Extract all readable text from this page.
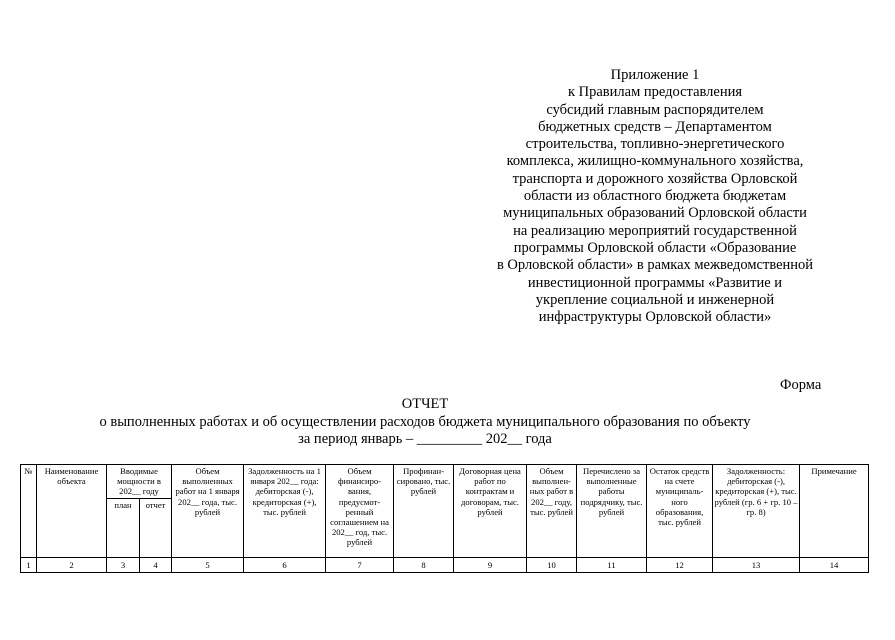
Приложение 1
к Правилам предоставления
субсидий главным распорядителем
бюджетных средств – Департаментом
строительства, топливно-энергетического
комплекса, жилищно-коммунального хозяйства,
транспорта и дорожного хозяйства Орловской
области из областного бюджета бюджетам
муниципальных образований Орловской области
на реализацию мероприятий государственной
программы Орловской области «Образование
в Орловской области» в рамках межведомственной
инвестиционной программы «Развитие и
укрепление социальной и инженерной
инфраструктуры Орловской области»
Форма
ОТЧЕТ
о выполненных работах и об осуществлении расходов бюджета муниципального образования по объекту
за период январь – _________ 202__ года
№	Наименование объекта	Вводимые мощности в 202__ году		Объем выполненных работ на 1 января 202__ года, тыс. рублей	Задолженность на 1 января 202__ года: дебиторская (-), кредиторская (+), тыс. рублей	Объем финансиро-вания, предусмот-ренный соглашением на 202__ год, тыс. рублей	Профинан-сировано, тыс. рублей	Договорная цена работ по контрактам и договорам, тыс. рублей	Объем выполнен-ных работ в 202__ году, тыс. рублей	Перечислено за выполненные работы подрядчику, тыс. рублей	Остаток средств на счете муниципаль-ного образования, тыс. рублей	Задолженность: дебиторская (-), кредиторская (+), тыс. рублей (гр. 6 + гр. 10 – гр. 8)	Примечание
		план	отчет										
1	2	3	4	5	6	7	8	9	10	11	12	13	14
